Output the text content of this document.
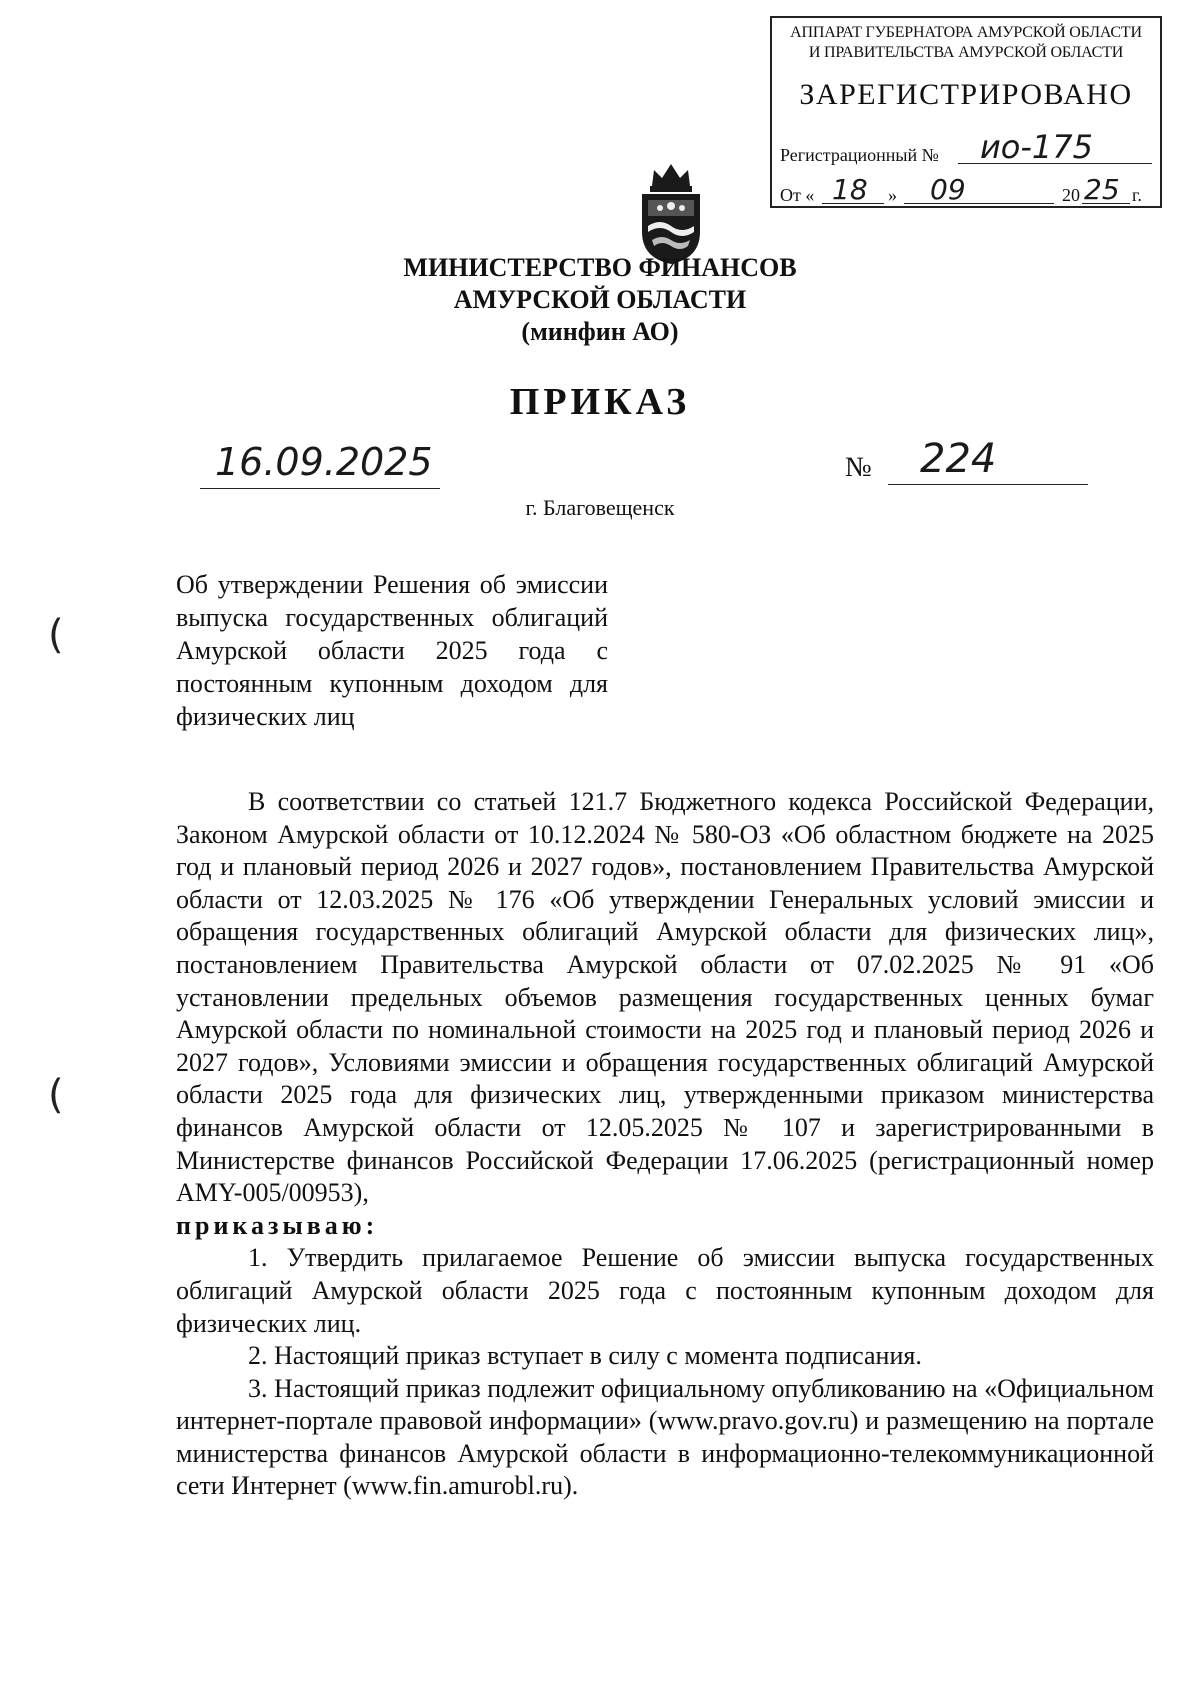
АППАРАТ ГУБЕРНАТОРА АМУРСКОЙ ОБЛАСТИ
И ПРАВИТЕЛЬСТВА АМУРСКОЙ ОБЛАСТИ
ЗАРЕГИСТРИРОВАНО
Регистрационный № ио-175
От « 18 » 09	20 25 г.
МИНИСТЕРСТВО ФИНАНСОВ
АМУРСКОЙ ОБЛАСТИ
(минфин АО)
ПРИКАЗ
16.09.2025	№ 224
г. Благовещенск
Об утверждении Решения об эмиссии выпуска государственных облигаций Амурской области 2025 года с постоянным купонным доходом для физических лиц
(
(

В соответствии со статьей 121.7 Бюджетного кодекса Российской Федерации, Законом Амурской области от 10.12.2024 № 580-ОЗ «Об областном бюджете на 2025 год и плановый период 2026 и 2027 годов», постановлением Правительства Амурской области от 12.03.2025 № 176 «Об утверждении Генеральных условий эмиссии и обращения государственных облигаций Амурской области для физических лиц», постановлением Правительства Амурской области от 07.02.2025 № 91 «Об установлении предельных объемов размещения государственных ценных бумаг Амурской области по номинальной стоимости на 2025 год и плановый период 2026 и 2027 годов», Условиями эмиссии и обращения государственных облигаций Амурской области 2025 года для физических лиц, утвержденными приказом министерства финансов Амурской области от 12.05.2025 № 107 и зарегистрированными в Министерстве финансов Российской Федерации 17.06.2025 (регистрационный номер AMY-005/00953),

приказываю:

1. Утвердить прилагаемое Решение об эмиссии выпуска государственных облигаций Амурской области 2025 года с постоянным купонным доходом для физических лиц.

2. Настоящий приказ вступает в силу с момента подписания.

3. Настоящий приказ подлежит официальному опубликованию на «Официальном интернет-портале правовой информации» (www.pravo.gov.ru) и размещению на портале министерства финансов Амурской области в информационно-телекоммуникационной сети Интернет (www.fin.amurobl.ru).
